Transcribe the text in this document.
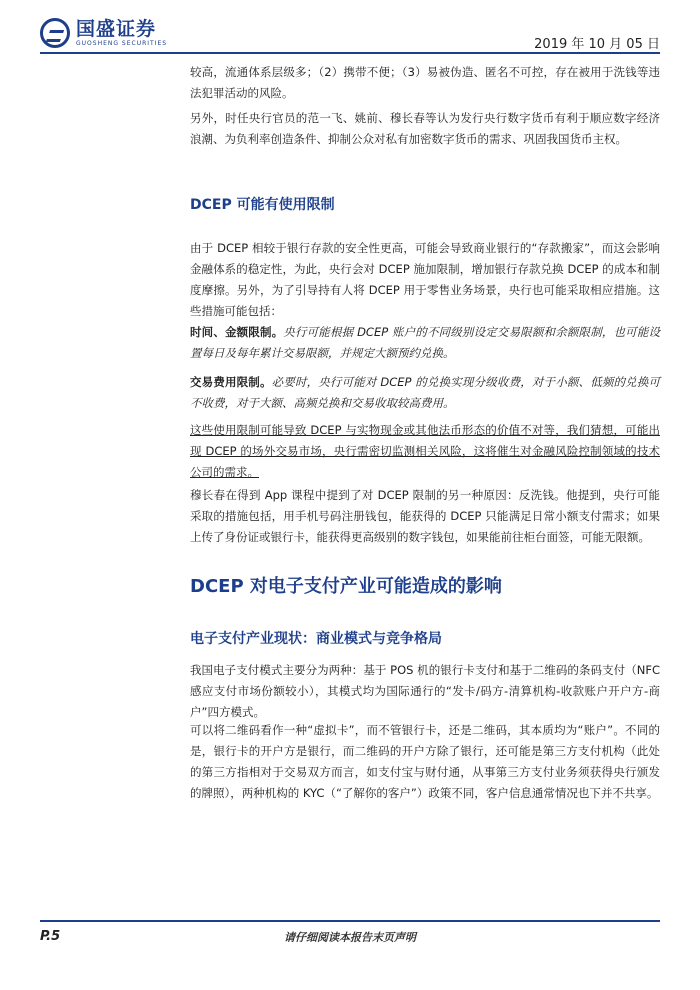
国盛证券
GUOSHENG SECURITIES	2019 年 10 月 05 日
较高，流通体系层级多；（2）携带不便；（3）易被伪造、匿名不可控，存在被用于洗钱等违法犯罪活动的风险。
另外，时任央行官员的范一飞、姚前、穆长春等认为发行央行数字货币有利于顺应数字经济浪潮、为负利率创造条件、抑制公众对私有加密数字货币的需求、巩固我国货币主权。
DCEP 可能有使用限制
由于 DCEP 相较于银行存款的安全性更高，可能会导致商业银行的“存款搬家”，而这会影响金融体系的稳定性，为此，央行会对 DCEP 施加限制，增加银行存款兑换 DCEP 的成本和制度摩擦。另外，为了引导持有人将 DCEP 用于零售业务场景，央行也可能采取相应措施。这些措施可能包括：
时间、金额限制。央行可能根据 DCEP 账户的不同级别设定交易限额和余额限制，也可能设置每日及每年累计交易限额，并规定大额预约兑换。
交易费用限制。必要时，央行可能对 DCEP 的兑换实现分级收费，对于小额、低频的兑换可不收费，对于大额、高频兑换和交易收取较高费用。
这些使用限制可能导致 DCEP 与实物现金或其他法币形态的价值不对等，我们猜想，可能出现 DCEP 的场外交易市场，央行需密切监测相关风险，这将催生对金融风险控制领域的技术公司的需求。
穆长春在得到 App 课程中提到了对 DCEP 限制的另一种原因：反洗钱。他提到，央行可能采取的措施包括，用手机号码注册钱包，能获得的 DCEP 只能满足日常小额支付需求；如果上传了身份证或银行卡，能获得更高级别的数字钱包，如果能前往柜台面签，可能无限额。
DCEP 对电子支付产业可能造成的影响
电子支付产业现状：商业模式与竞争格局
我国电子支付模式主要分为两种：基于 POS 机的银行卡支付和基于二维码的条码支付（NFC 感应支付市场份额较小），其模式均为国际通行的“发卡/码方-清算机构-收款账户开户方-商户”四方模式。
可以将二维码看作一种“虚拟卡”，而不管银行卡，还是二维码，其本质均为“账户”。不同的是，银行卡的开户方是银行，而二维码的开户方除了银行，还可能是第三方支付机构（此处的第三方指相对于交易双方而言，如支付宝与财付通，从事第三方支付业务须获得央行颁发的牌照），两种机构的 KYC（“了解你的客户”）政策不同，客户信息通常情况也下并不共享。
P.5	请仔细阅读本报告末页声明
